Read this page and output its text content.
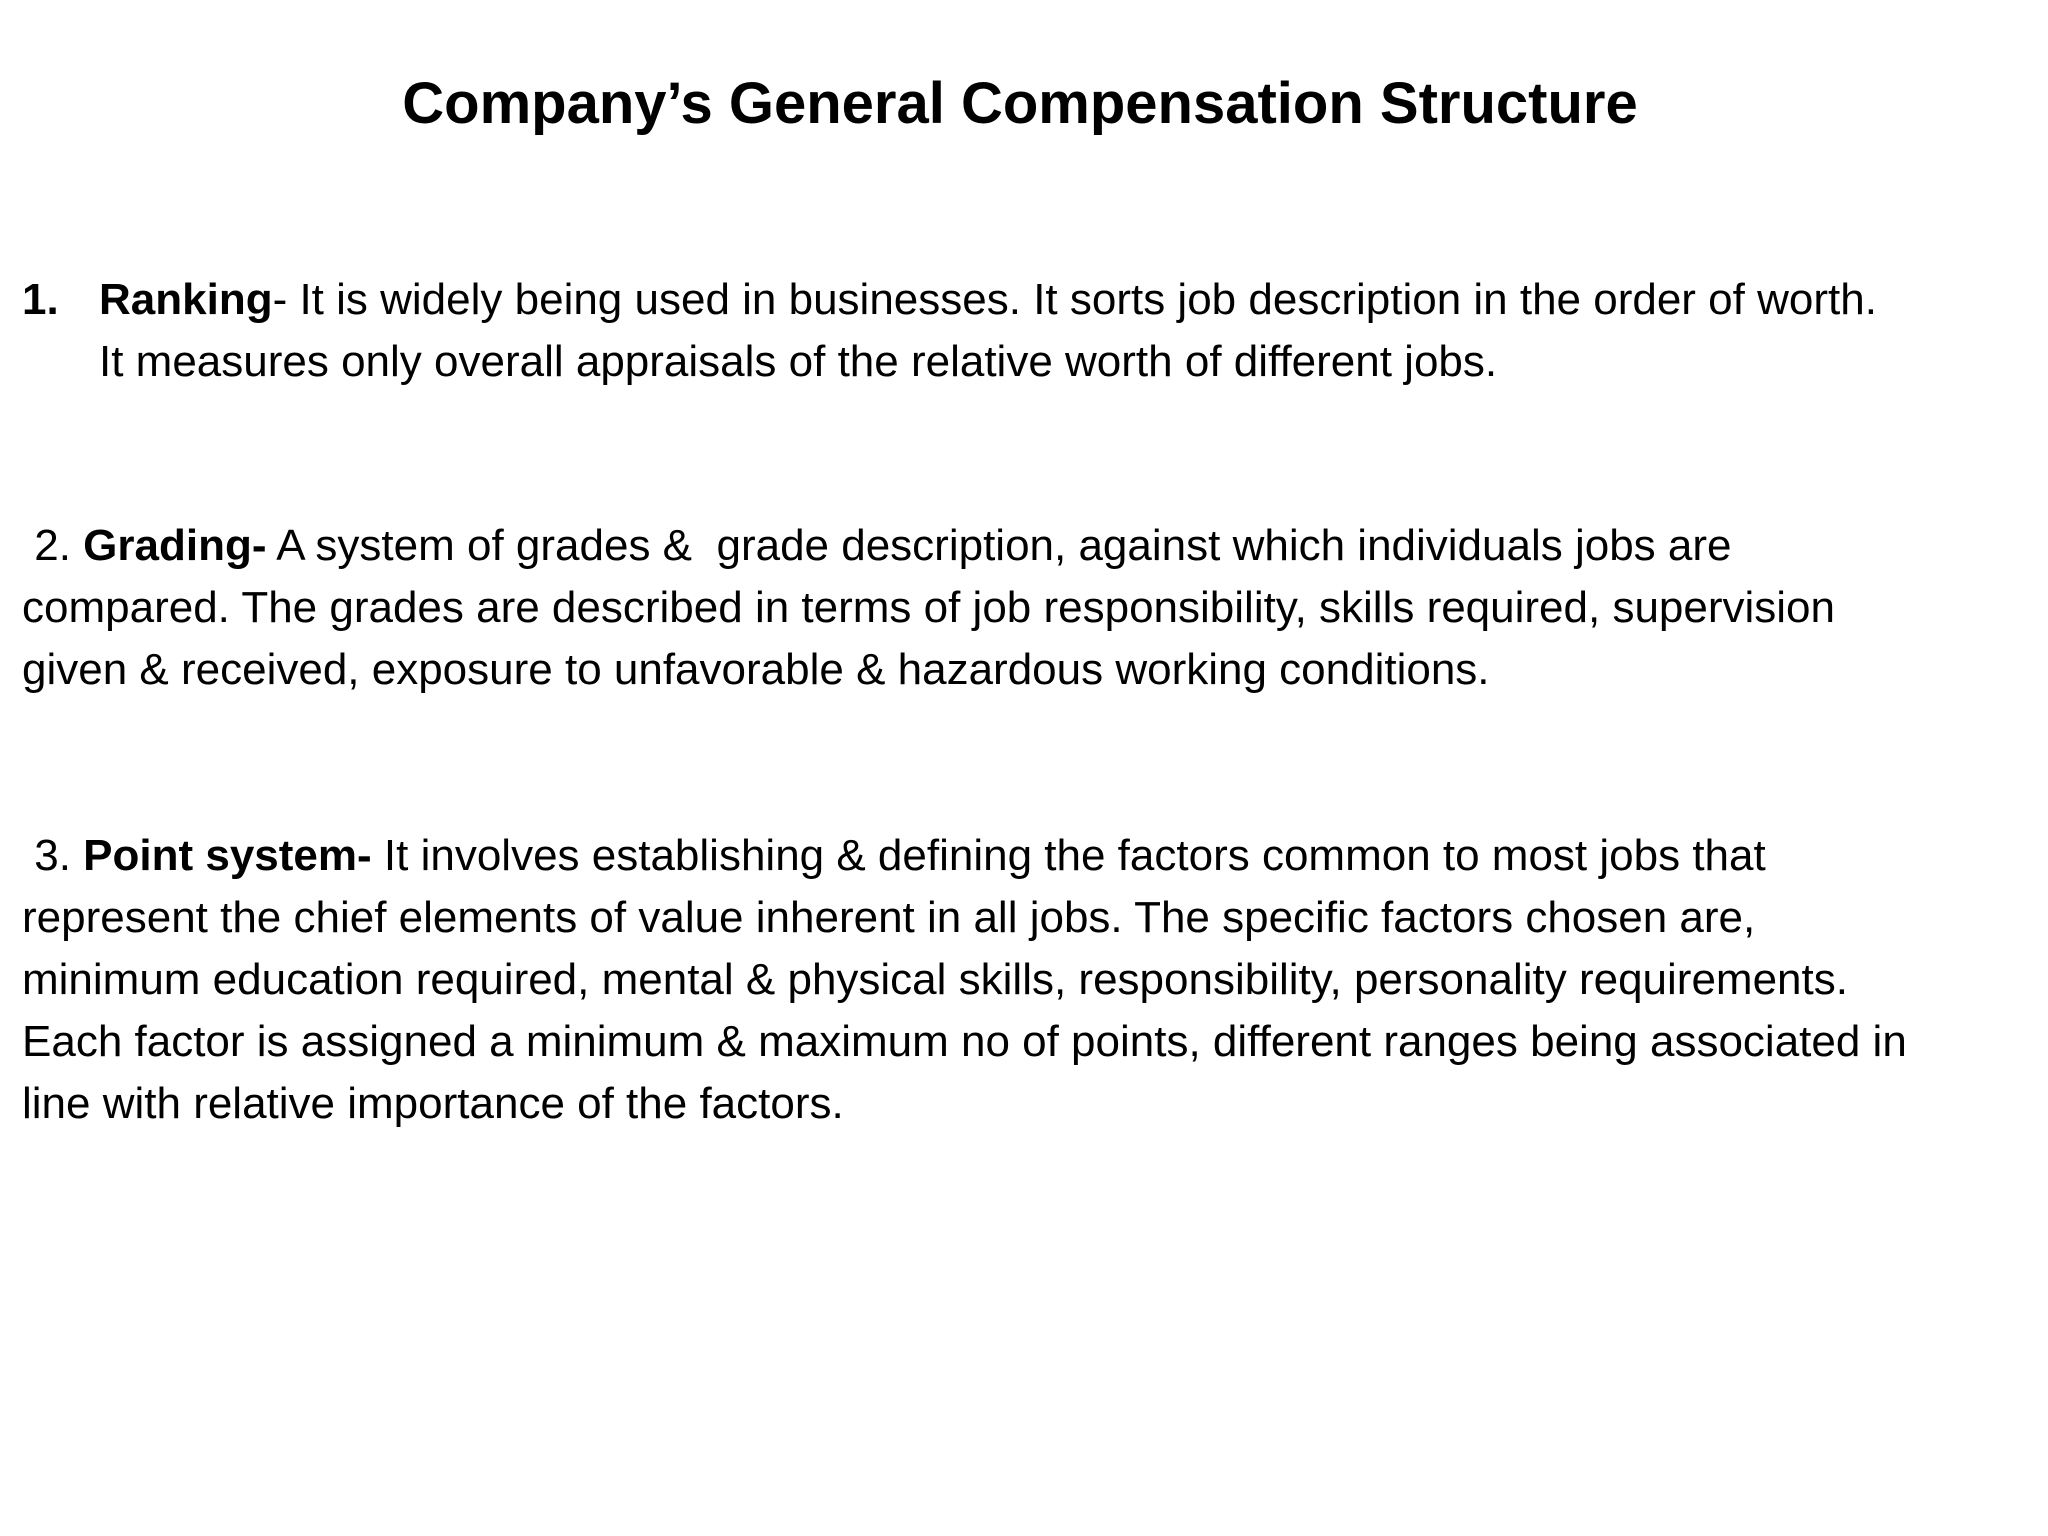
Company’s General Compensation Structure
1. Ranking- It is widely being used in businesses. It sorts job description in the order of worth.
It measures only overall appraisals of the relative worth of different jobs.
2. Grading- A system of grades &  grade description, against which individuals jobs are
compared. The grades are described in terms of job responsibility, skills required, supervision
given & received, exposure to unfavorable & hazardous working conditions.
3. Point system- It involves establishing & defining the factors common to most jobs that
represent the chief elements of value inherent in all jobs. The specific factors chosen are,
minimum education required, mental & physical skills, responsibility, personality requirements.
Each factor is assigned a minimum & maximum no of points, different ranges being associated in
line with relative importance of the factors.
